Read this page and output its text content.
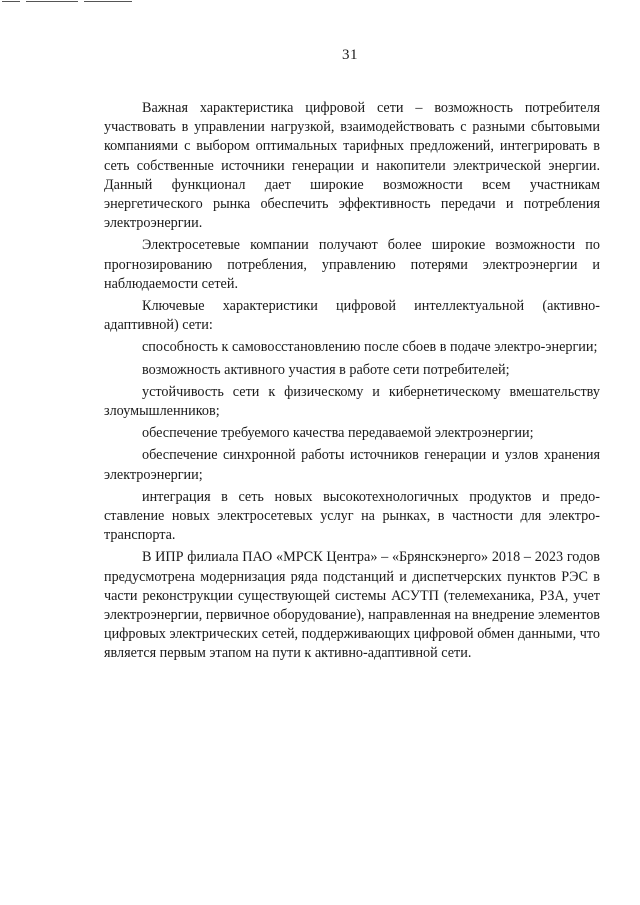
31

Важная характеристика цифровой сети – возможность потребителя участвовать в управлении нагрузкой, взаимодействовать с разными сбытовыми компаниями с выбором оптимальных тарифных предложений, интегрировать в сеть собственные источники генерации и накопители электрической энергии. Данный функционал дает широкие возможности всем участникам энергетического рынка обеспечить эффективность передачи и потребления электроэнергии.

Электросетевые компании получают более широкие возможности по прогнозированию потребления, управлению потерями электроэнергии и наблюдаемости сетей.

Ключевые характеристики цифровой интеллектуальной (активно-адаптивной) сети:

способность к самовосстановлению после сбоев в подаче электро-энергии;

возможность активного участия в работе сети потребителей;

устойчивость сети к физическому и кибернетическому вмешательству злоумышленников;

обеспечение требуемого качества передаваемой электроэнергии;

обеспечение синхронной работы источников генерации и узлов хранения электроэнергии;

интеграция в сеть новых высокотехнологичных продуктов и предо-ставление новых электросетевых услуг на рынках, в частности для электро-транспорта.

В ИПР филиала ПАО «МРСК Центра» – «Брянскэнерго» 2018 – 2023 годов предусмотрена модернизация ряда подстанций и диспетчерских пунктов РЭС в части реконструкции существующей системы АСУТП (телемеханика, РЗА, учет электроэнергии, первичное оборудование), направленная на внедрение элементов цифровых электрических сетей, поддерживающих цифровой обмен данными, что является первым этапом на пути к активно-адаптивной сети.
